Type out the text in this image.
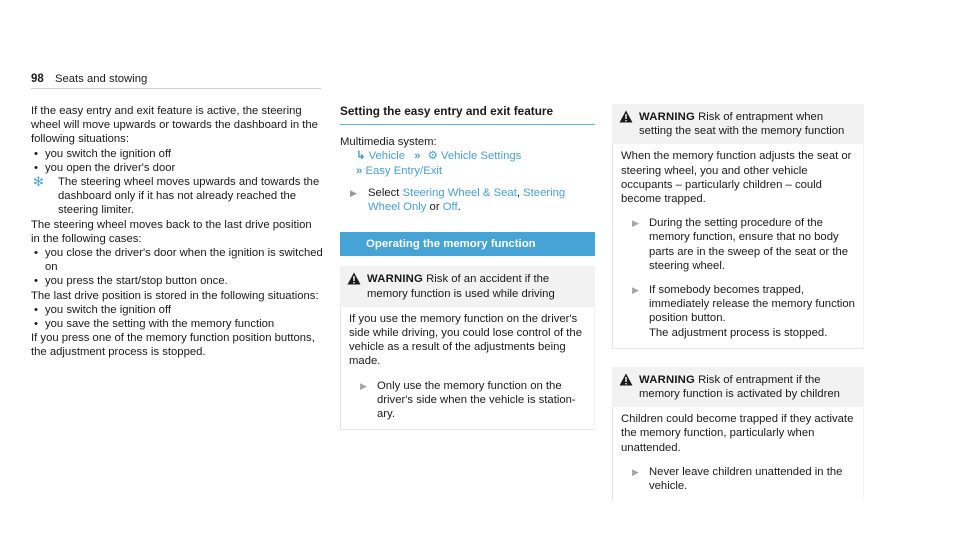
98 Seats and stowing
If the easy entry and exit feature is active, the steering wheel will move upwards or towards the dashboard in the following situations:
• you switch the ignition off
• you open the driver's door
✻ The steering wheel moves upwards and towards the dashboard only if it has not already reached the steering limiter.
The steering wheel moves back to the last drive position in the following cases:
• you close the driver's door when the ignition is switched on
• you press the start/stop button once.
The last drive position is stored in the following situations:
• you switch the ignition off
• you save the setting with the memory function
If you press one of the memory function position buttons, the adjustment process is stopped.
Setting the easy entry and exit feature
Multimedia system:
↳ Vehicle » ⚙ Vehicle Settings
» Easy Entry/Exit
▶ Select Steering Wheel & Seat, Steering Wheel Only or Off.
Operating the memory function
WARNING Risk of an accident if the memory function is used while driving
If you use the memory function on the driver's side while driving, you could lose control of the vehicle as a result of the adjustments being made.
▶ Only use the memory function on the driver's side when the vehicle is station-ary.
WARNING Risk of entrapment when setting the seat with the memory function
When the memory function adjusts the seat or steering wheel, you and other vehicle occupants – particularly children – could become trapped.
▶ During the setting procedure of the memory function, ensure that no body parts are in the sweep of the seat or the steering wheel.
▶ If somebody becomes trapped, immediately release the memory function position button.
The adjustment process is stopped.
WARNING Risk of entrapment if the memory function is activated by children
Children could become trapped if they activate the memory function, particularly when unattended.
▶ Never leave children unattended in the vehicle.
